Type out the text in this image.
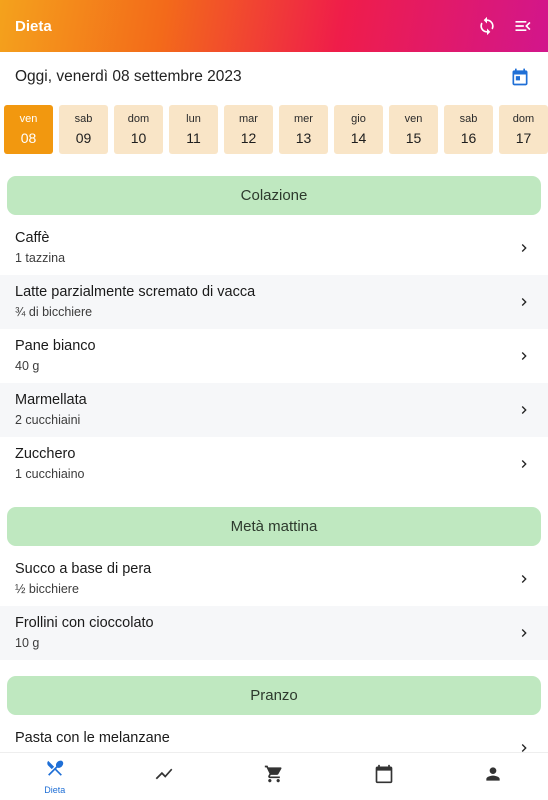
Dieta
Oggi, venerdì 08 settembre 2023
ven
08
sab
09
dom
10
lun
11
mar
12
mer
13
gio
14
ven
15
sab
16
dom
17
Colazione
Caffè
1 tazzina
Latte parzialmente scremato di vacca
¾ di bicchiere
Pane bianco
40 g
Marmellata
2 cucchiaini
Zucchero
1 cucchiaino
Metà mattina
Succo a base di pera
½ bicchiere
Frollini con cioccolato
10 g
Pranzo
Pasta con le melanzane
Dieta
